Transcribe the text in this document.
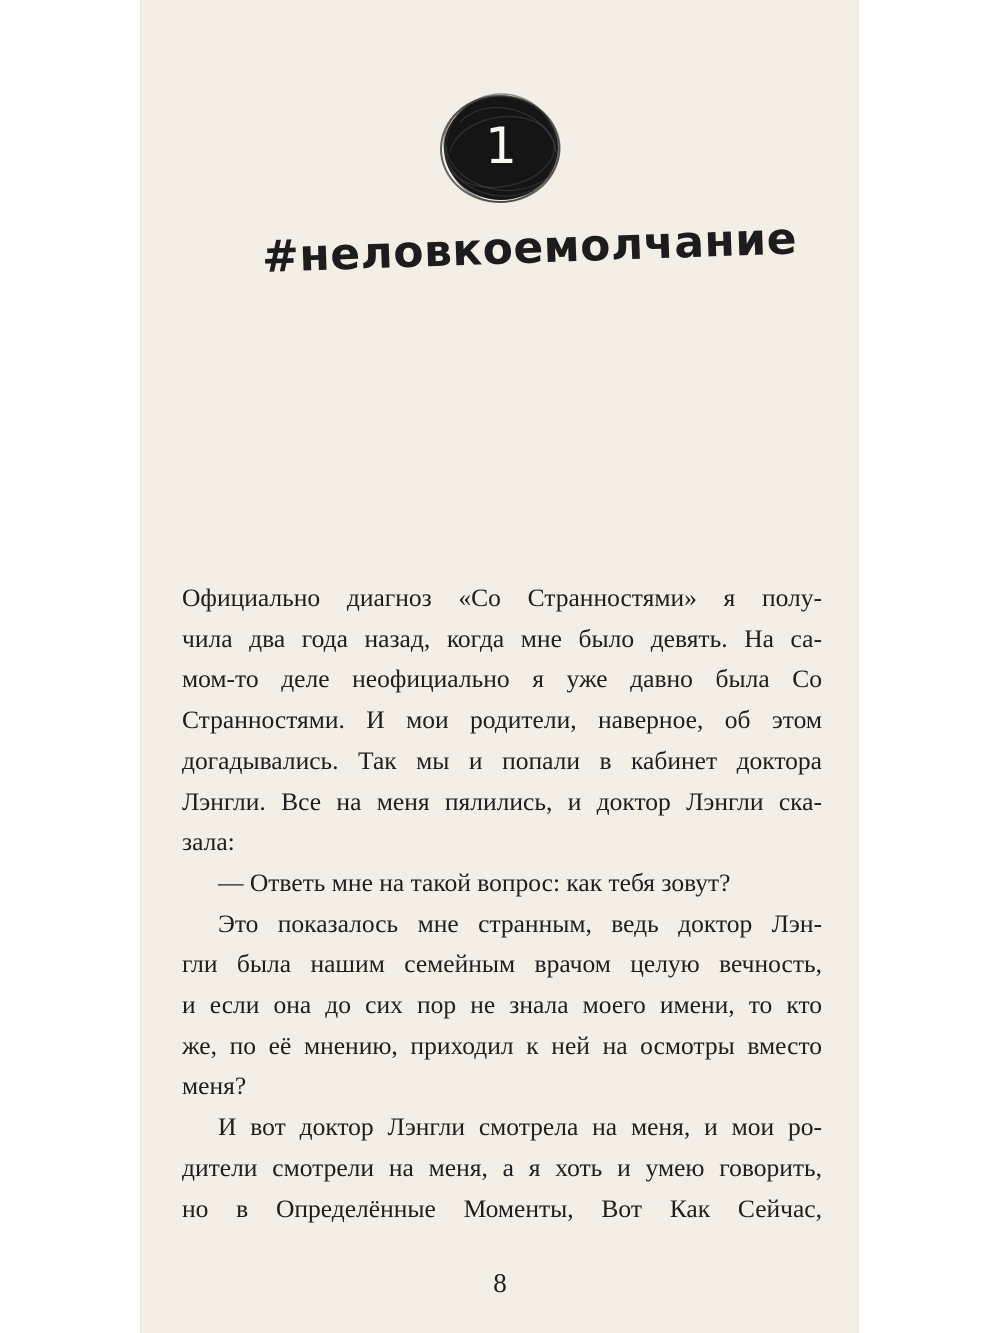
1
#неловкоемолчание
Официально диагноз «Со Странностями» я полу-
чила два года назад, когда мне было девять. На са-
мом-то деле неофициально я уже давно была Со
Странностями. И мои родители, наверное, об этом
догадывались. Так мы и попали в кабинет доктора
Лэнгли. Все на меня пялились, и доктор Лэнгли ска-
зала:
— Ответь мне на такой вопрос: как тебя зовут?
Это показалось мне странным, ведь доктор Лэн-
гли была нашим семейным врачом целую вечность,
и если она до сих пор не знала моего имени, то кто
же, по её мнению, приходил к ней на осмотры вместо
меня?
И вот доктор Лэнгли смотрела на меня, и мои ро-
дители смотрели на меня, а я хоть и умею говорить,
но в Определённые Моменты, Вот Как Сейчас,
8
